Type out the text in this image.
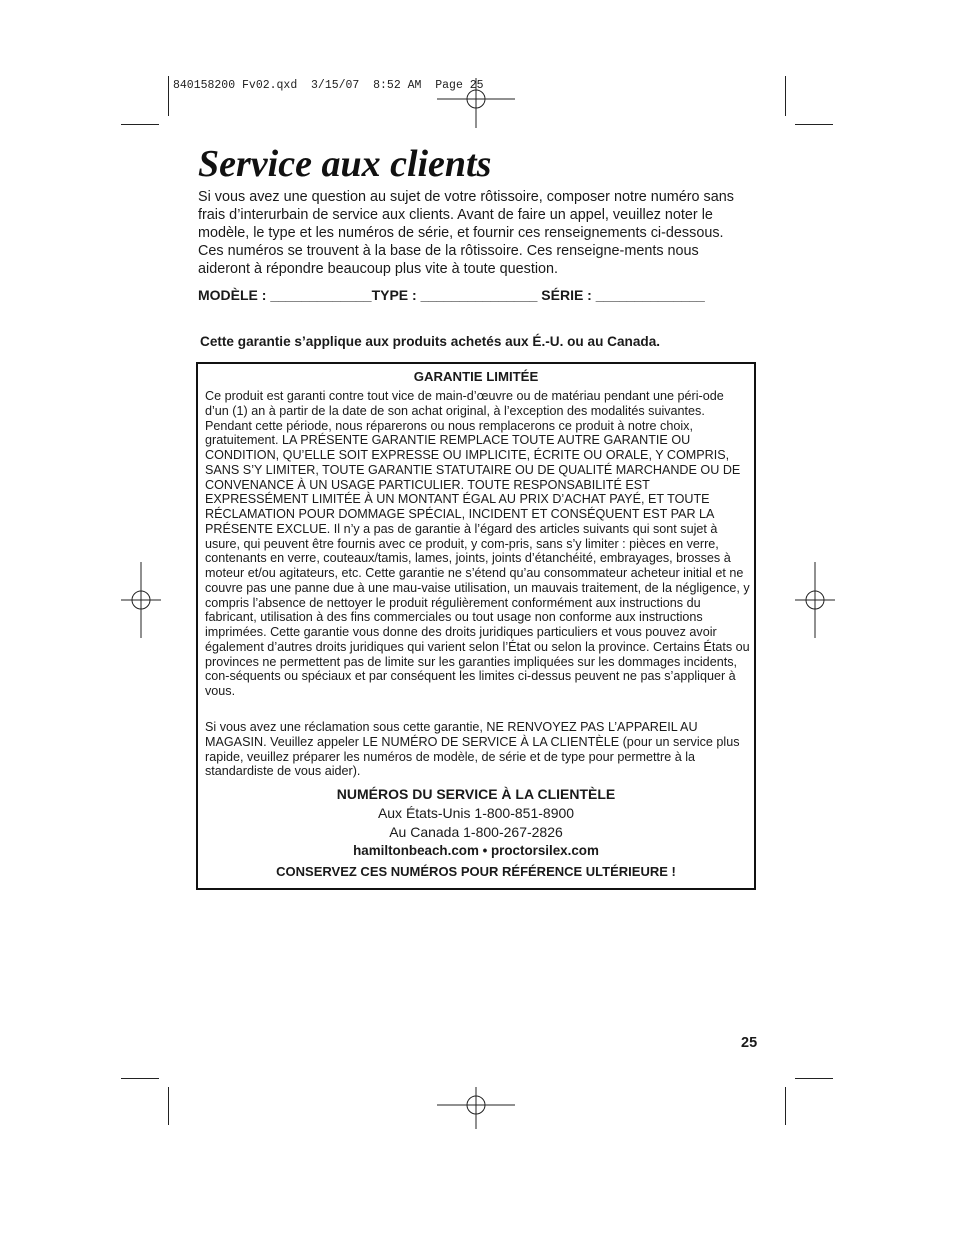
840158200 Fv02.qxd  3/15/07  8:52 AM  Page 25
Service aux clients

Si vous avez une question au sujet de votre rôtissoire, composer notre numéro sans frais d’interurbain de service aux clients. Avant de faire un appel, veuillez noter le modèle, le type et les numéros de série, et fournir ces renseignements ci-dessous. Ces numéros se trouvent à la base de la rôtissoire. Ces renseigne-ments nous aideront à répondre beaucoup plus vite à toute question.

MODÈLE : _____________TYPE : _______________ SÉRIE : ______________

Cette garantie s’applique aux produits achetés aux É.-U. ou au Canada.

GARANTIE LIMITÉE

Ce produit est garanti contre tout vice de main-d’œuvre ou de matériau pendant une péri-ode d’un (1) an à partir de la date de son achat original, à l’exception des modalités suivantes. Pendant cette période, nous réparerons ou nous remplacerons ce produit à notre choix, gratuitement. LA PRÉSENTE GARANTIE REMPLACE TOUTE AUTRE GARANTIE OU CONDITION, QU’ELLE SOIT EXPRESSE OU IMPLICITE, ÉCRITE OU ORALE, Y COMPRIS, SANS S’Y LIMITER, TOUTE GARANTIE STATUTAIRE OU DE QUALITÉ MARCHANDE OU DE CONVENANCE À UN USAGE PARTICULIER. TOUTE RESPONSABILITÉ EST EXPRESSÉMENT LIMITÉE À UN MONTANT ÉGAL AU PRIX D’ACHAT PAYÉ, ET TOUTE RÉCLAMATION POUR DOMMAGE SPÉCIAL, INCIDENT ET CONSÉQUENT EST PAR LA PRÉSENTE EXCLUE. Il n’y a pas de garantie à l’égard des articles suivants qui sont sujet à usure, qui peuvent être fournis avec ce produit, y com-pris, sans s’y limiter : pièces en verre, contenants en verre, couteaux/tamis, lames, joints, joints d’étanchéité, embrayages, brosses à moteur et/ou agitateurs, etc. Cette garantie ne s’étend qu’au consommateur acheteur initial et ne couvre pas une panne due à une mau-vaise utilisation, un mauvais traitement, de la négligence, y compris l’absence de nettoyer le produit régulièrement conformément aux instructions du fabricant, utilisation à des fins commerciales ou tout usage non conforme aux instructions imprimées. Cette garantie vous donne des droits juridiques particuliers et vous pouvez avoir également d’autres droits juridiques qui varient selon l’État ou selon la province. Certains États ou provinces ne permettent pas de limite sur les garanties impliquées sur les dommages incidents, con-séquents ou spéciaux et par conséquent les limites ci-dessus peuvent ne pas s’appliquer à vous.

Si vous avez une réclamation sous cette garantie, NE RENVOYEZ PAS L’APPAREIL AU MAGASIN. Veuillez appeler LE NUMÉRO DE SERVICE À LA CLIENTÈLE (pour un service plus rapide, veuillez préparer les numéros de modèle, de série et de type pour permettre à la standardiste de vous aider).

NUMÉROS DU SERVICE À LA CLIENTÈLE

Aux États-Unis 1-800-851-8900

Au Canada 1-800-267-2826

hamiltonbeach.com • proctorsilex.com

CONSERVEZ CES NUMÉROS POUR RÉFÉRENCE ULTÉRIEURE !

25
